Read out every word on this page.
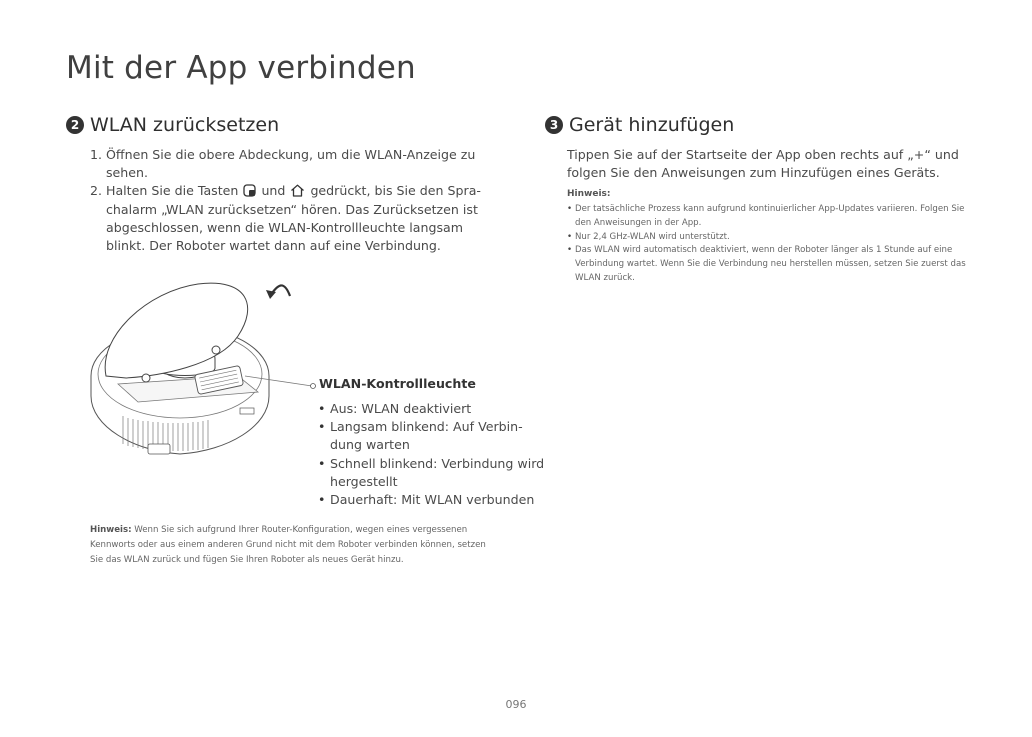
Mit der App verbinden
2 WLAN zurücksetzen
1. Öffnen Sie die obere Abdeckung, um die WLAN-Anzeige zu sehen.
2. Halten Sie die Tasten und gedrückt, bis Sie den Spra-chalarm „WLAN zurücksetzen“ hören. Das Zurücksetzen ist abgeschlossen, wenn die WLAN-Kontrollleuchte langsam blinkt. Der Roboter wartet dann auf eine Verbindung.
WLAN-Kontrollleuchte
• Aus: WLAN deaktiviert
• Langsam blinkend: Auf Verbin-dung warten
• Schnell blinkend: Verbindung wird hergestellt
• Dauerhaft: Mit WLAN verbunden

Hinweis: Wenn Sie sich aufgrund Ihrer Router-Konfiguration, wegen eines vergessenen Kennworts oder aus einem anderen Grund nicht mit dem Roboter verbinden können, setzen Sie das WLAN zurück und fügen Sie Ihren Roboter als neues Gerät hinzu.

3 Gerät hinzufügen

Tippen Sie auf der Startseite der App oben rechts auf „+“ und folgen Sie den Anweisungen zum Hinzufügen eines Geräts.

Hinweis:
• Der tatsächliche Prozess kann aufgrund kontinuierlicher App-Updates variieren. Folgen Sie den Anweisungen in der App.
• Nur 2,4 GHz-WLAN wird unterstützt.
• Das WLAN wird automatisch deaktiviert, wenn der Roboter länger als 1 Stunde auf eine Verbindung wartet. Wenn Sie die Verbindung neu herstellen müssen, setzen Sie zuerst das WLAN zurück.
096
